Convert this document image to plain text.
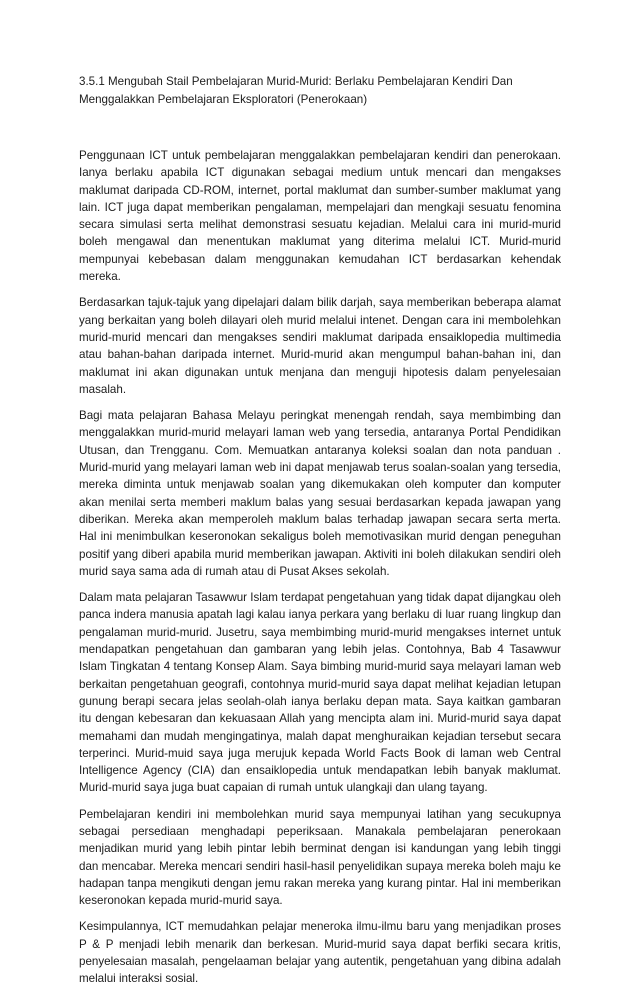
3.5.1 Mengubah Stail Pembelajaran Murid-Murid: Berlaku Pembelajaran Kendiri Dan Menggalakkan Pembelajaran Eksploratori (Penerokaan)

Penggunaan ICT untuk pembelajaran menggalakkan pembelajaran kendiri dan penerokaan. Ianya berlaku apabila ICT digunakan sebagai medium untuk mencari dan mengakses maklumat daripada CD-ROM, internet, portal maklumat dan sumber-sumber maklumat yang lain. ICT juga dapat memberikan pengalaman, mempelajari dan mengkaji sesuatu fenomina secara simulasi serta melihat demonstrasi sesuatu kejadian. Melalui cara ini murid-murid boleh mengawal dan menentukan maklumat yang diterima melalui ICT. Murid-murid mempunyai kebebasan dalam menggunakan kemudahan ICT berdasarkan kehendak mereka.

Berdasarkan tajuk-tajuk yang dipelajari dalam bilik darjah, saya memberikan beberapa alamat yang berkaitan yang boleh dilayari oleh murid melalui intenet. Dengan cara ini membolehkan murid-murid mencari dan mengakses sendiri maklumat daripada ensaiklopedia multimedia atau bahan-bahan daripada internet. Murid-murid akan mengumpul bahan-bahan ini, dan maklumat ini akan digunakan untuk menjana dan menguji hipotesis dalam penyelesaian masalah.

Bagi mata pelajaran Bahasa Melayu peringkat menengah rendah, saya membimbing dan menggalakkan murid-murid melayari laman web yang tersedia, antaranya Portal Pendidikan Utusan, dan Trengganu. Com. Memuatkan antaranya koleksi soalan dan nota panduan . Murid-murid yang melayari laman web ini dapat menjawab terus soalan-soalan yang tersedia, mereka diminta untuk menjawab soalan yang dikemukakan oleh komputer dan komputer akan menilai serta memberi maklum balas yang sesuai berdasarkan kepada jawapan yang diberikan. Mereka akan memperoleh maklum balas terhadap jawapan secara serta merta. Hal ini menimbulkan keseronokan sekaligus boleh memotivasikan murid dengan peneguhan positif yang diberi apabila murid memberikan jawapan. Aktiviti ini boleh dilakukan sendiri oleh murid saya sama ada di rumah atau di Pusat Akses sekolah.

Dalam mata pelajaran Tasawwur Islam terdapat pengetahuan yang tidak dapat dijangkau oleh panca indera manusia apatah lagi kalau ianya perkara yang berlaku di luar ruang lingkup dan pengalaman murid-murid. Jusetru, saya membimbing murid-murid mengakses internet untuk mendapatkan pengetahuan dan gambaran yang lebih jelas. Contohnya, Bab 4 Tasawwur Islam Tingkatan 4 tentang Konsep Alam. Saya bimbing murid-murid saya melayari laman web berkaitan pengetahuan geografi, contohnya murid-murid saya dapat melihat kejadian letupan gunung berapi secara jelas seolah-olah ianya berlaku depan mata. Saya kaitkan gambaran itu dengan kebesaran dan kekuasaan Allah yang mencipta alam ini. Murid-murid saya dapat memahami dan mudah mengingatinya, malah dapat menghuraikan kejadian tersebut secara terperinci. Murid-muid saya juga merujuk kepada World Facts Book di laman web Central Intelligence Agency (CIA) dan ensaiklopedia untuk mendapatkan lebih banyak maklumat. Murid-murid saya juga buat capaian di rumah untuk ulangkaji dan ulang tayang.

Pembelajaran kendiri ini membolehkan murid saya mempunyai latihan yang secukupnya sebagai persediaan menghadapi peperiksaan. Manakala pembelajaran penerokaan menjadikan murid yang lebih pintar lebih berminat dengan isi kandungan yang lebih tinggi dan mencabar. Mereka mencari sendiri hasil-hasil penyelidikan supaya mereka boleh maju ke hadapan tanpa mengikuti dengan jemu rakan mereka yang kurang pintar. Hal ini memberikan keseronokan kepada murid-murid saya.

Kesimpulannya, ICT memudahkan pelajar meneroka ilmu-ilmu baru yang menjadikan proses P & P menjadi lebih menarik dan berkesan. Murid-murid saya dapat berfiki secara kritis, penyelesaian masalah, pengelaaman belajar yang autentik, pengetahuan yang dibina adalah melalui interaksi sosial.
